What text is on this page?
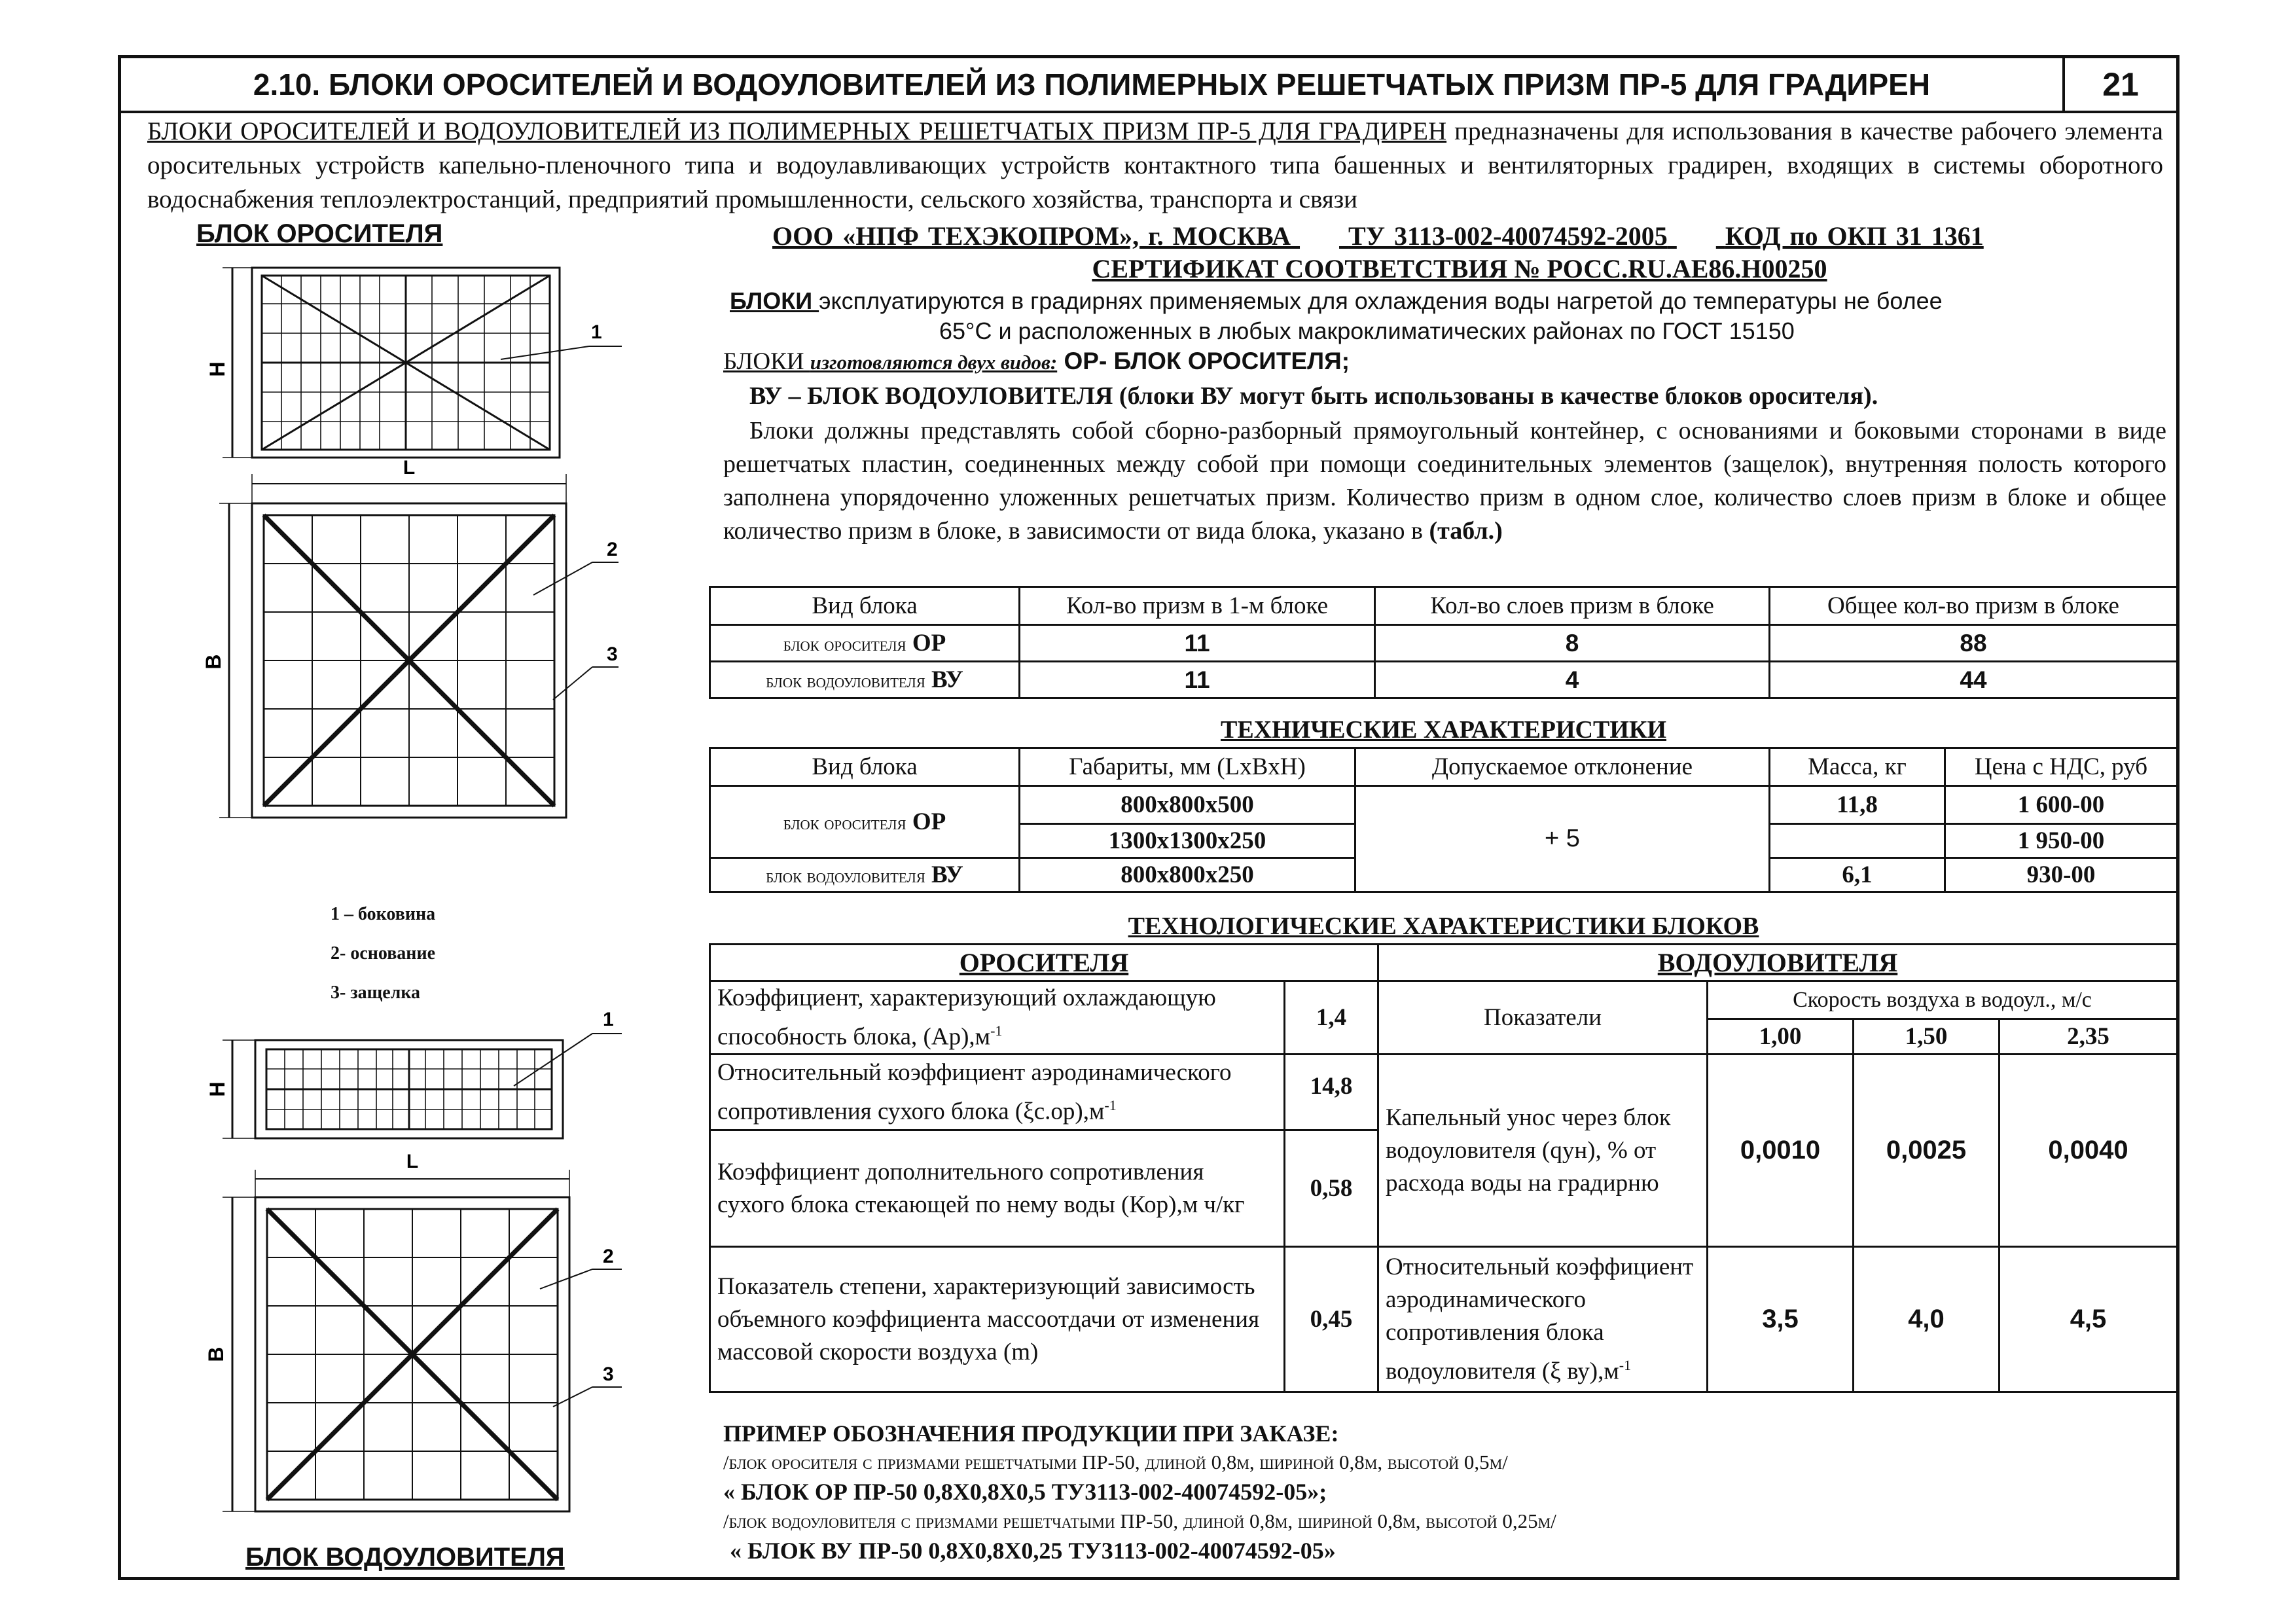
2.10. БЛОКИ ОРОСИТЕЛЕЙ И ВОДОУЛОВИТЕЛЕЙ ИЗ ПОЛИМЕРНЫХ РЕШЕТЧАТЫХ ПРИЗМ ПР-5 ДЛЯ ГРАДИРЕН	21
БЛОКИ ОРОСИТЕЛЕЙ И ВОДОУЛОВИТЕЛЕЙ ИЗ ПОЛИМЕРНЫХ РЕШЕТЧАТЫХ ПРИЗМ ПР-5 ДЛЯ ГРАДИРЕН предназначены для использования в качестве рабочего элемента оросительных устройств капельно-пленочного типа и водоулавливающих устройств контактного типа башенных и вентиляторных градирен, входящих в системы оборотного водоснабжения теплоэлектростанций, предприятий промышленности, сельского хозяйства, транспорта и связи
БЛОК ОРОСИТЕЛЯ
H
1
L
B
2
3
1 – боковина
2- основание
3- защелка
H
1
L
B
2
3
БЛОК ВОДОУЛОВИТЕЛЯ
ООО «НПФ ТЕХЭКОПРОМ», г. МОСКВА ТУ 3113-002-40074592-2005 КОД по ОКП 31 1361
СЕРТИФИКАТ СООТВЕТСТВИЯ № РОСС.RU.АЕ86.Н00250
БЛОКИ эксплуатируются в градирнях применяемых для охлаждения воды нагретой до температуры не более
65°С и расположенных в любых макроклиматических районах по ГОСТ 15150
БЛОКИ изготовляются двух видов: ОР- БЛОК ОРОСИТЕЛЯ;
ВУ – БЛОК ВОДОУЛОВИТЕЛЯ (блоки ВУ могут быть использованы в качестве блоков оросителя).
Блоки должны представлять собой сборно-разборный прямоугольный контейнер, с основаниями и боковыми сторонами в виде решетчатых пластин, соединенных между собой при помощи соединительных элементов (защелок), внутренняя полость которого заполнена упорядоченно уложенных решетчатых призм. Количество призм в одном слое, количество слоев призм в блоке и общее количество призм в блоке, в зависимости от вида блока, указано в (табл.)
Вид блока	Кол-во призм в 1-м блоке	Кол-во слоев призм в блоке	Общее кол-во призм в блоке
блок оросителя ОР	11	8	88
блок водоуловителя ВУ	11	4	44
ТЕХНИЧЕСКИЕ ХАРАКТЕРИСТИКИ
Вид блока	Габариты, мм (LxBxH)	Допускаемое отклонение	Масса, кг	Цена с НДС, руб
блок оросителя ОР	800х800х500	+ 5	11,8	1 600-00
	1300х1300х250			1 950-00
блок водоуловителя ВУ	800х800х250		6,1	930-00
ТЕХНОЛОГИЧЕСКИЕ ХАРАКТЕРИСТИКИ БЛОКОВ
ОРОСИТЕЛЯ		ВОДОУЛОВИТЕЛЯ			
Коэффициент, характеризующий охлаждающую способность блока, $(Ар),м^{-1}$	1,4	Показатели	Скорость воздуха в водоул., м/с		
			1,00	1,50	2,35
Относительный коэффициент аэродинамического сопротивления сухого блока $(\xi с.ор),м^{-1}$	14,8	Капельный унос через блок водоуловителя (qун), % от расхода воды на градирню	0,0010	0,0025	0,0040
Коэффициент дополнительного сопротивления сухого блока стекающей по нему воды (Кор),м ч/кг	0,58				
Показатель степени, характеризующий зависимость объемного коэффициента массоотдачи от изменения массовой скорости воздуха (m)	0,45	Относительный коэффициент аэродинамического сопротивления блока водоуловителя (ξ $ву),м^{-1}$	3,5	4,0	4,5
ПРИМЕР ОБОЗНАЧЕНИЯ ПРОДУКЦИИ ПРИ ЗАКАЗЕ:
/блок оросителя с призмами решетчатыми ПР-50, длиной 0,8м, шириной 0,8м, высотой 0,5м/
« БЛОК ОР ПР-50 0,8Х0,8Х0,5 ТУ3113-002-40074592-05»;
/блок водоуловителя с призмами решетчатыми ПР-50, длиной 0,8м, шириной 0,8м, высотой 0,25м/
« БЛОК ВУ ПР-50 0,8Х0,8Х0,25 ТУ3113-002-40074592-05»
